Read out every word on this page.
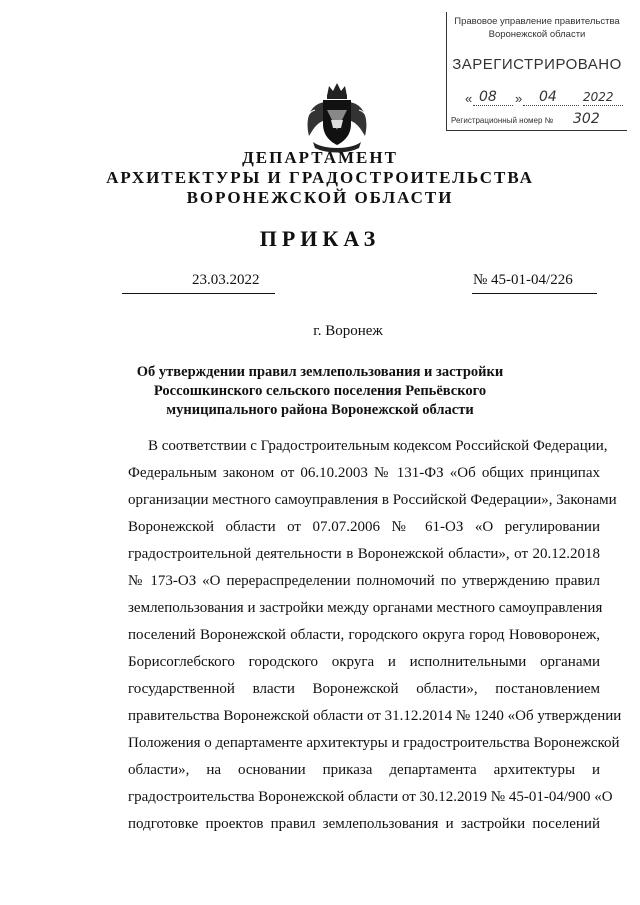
Правовое управление правительства
Воронежской области
ЗАРЕГИСТРИРОВАНО
« 08 » 04 2022
Регистрационный номер № 302
ДЕПАРТАМЕНТ
АРХИТЕКТУРЫ И ГРАДОСТРОИТЕЛЬСТВА
ВОРОНЕЖСКОЙ ОБЛАСТИ
ПРИКАЗ
23.03.2022	№ 45-01-04/226
г. Воронеж
Об утверждении правил землепользования и застройки Россошкинского сельского поселения Репьёвского муниципального района Воронежской области
В соответствии с Градостроительным кодексом Российской Федерации,
Федеральным законом от 06.10.2003 № 131-ФЗ «Об общих принципах
организации местного самоуправления в Российской Федерации», Законами
Воронежской области от 07.07.2006 № 61-ОЗ «О регулировании
градостроительной деятельности в Воронежской области», от 20.12.2018
№ 173-ОЗ «О перераспределении полномочий по утверждению правил
землепользования и застройки между органами местного самоуправления
поселений Воронежской области, городского округа город Нововоронеж,
Борисоглебского городского округа и исполнительными органами
государственной власти Воронежской области», постановлением
правительства Воронежской области от 31.12.2014 № 1240 «Об утверждении
Положения о департаменте архитектуры и градостроительства Воронежской
области», на основании приказа департамента архитектуры и
градостроительства Воронежской области от 30.12.2019 № 45-01-04/900 «О
подготовке проектов правил землепользования и застройки поселений
